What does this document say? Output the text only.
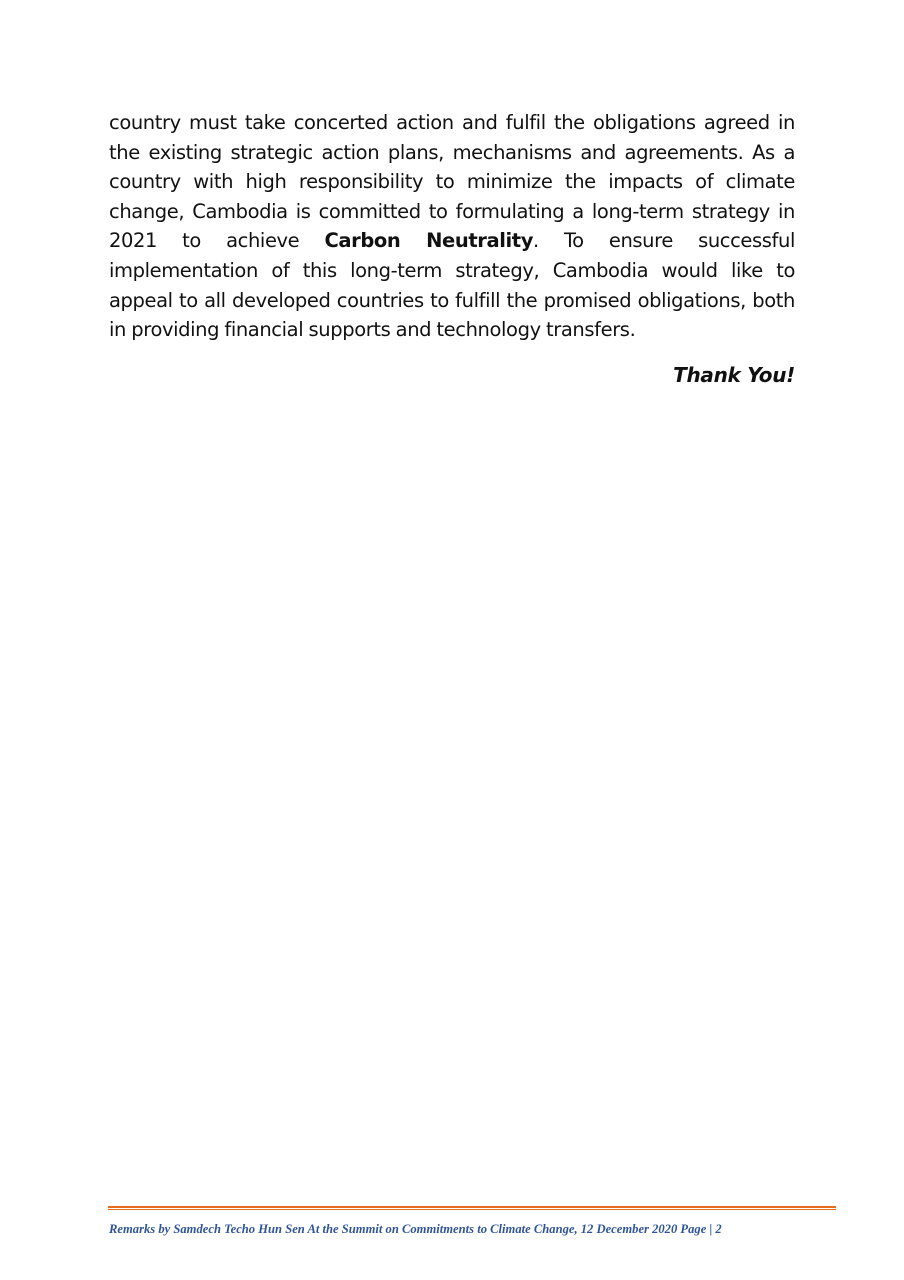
country must take concerted action and fulfil the obligations agreed in the existing strategic action plans, mechanisms and agreements. As a country with high responsibility to minimize the impacts of climate change, Cambodia is committed to formulating a long-term strategy in 2021 to achieve Carbon Neutrality. To ensure successful implementation of this long-term strategy, Cambodia would like to appeal to all developed countries to fulfill the promised obligations, both in providing financial supports and technology transfers.

Thank You!

Remarks by Samdech Techo Hun Sen At the Summit on Commitments to Climate Change, 12 December 2020 Page | 2
